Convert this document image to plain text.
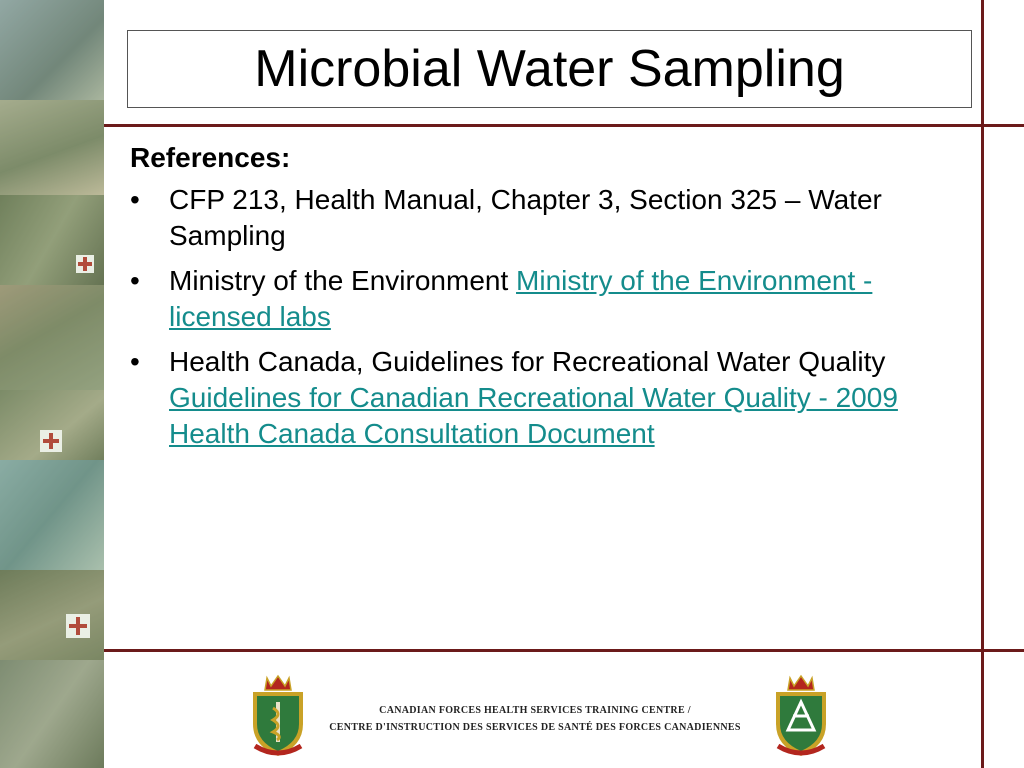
Microbial Water Sampling
References:
• CFP 213, Health Manual, Chapter 3, Section 325 – Water Sampling
• Ministry of the Environment Ministry of the Environment - licensed labs
• Health Canada, Guidelines for Recreational Water Quality Guidelines for Canadian Recreational Water Quality - 2009 Health Canada Consultation Document
CANADIAN FORCES HEALTH SERVICES TRAINING CENTRE /
CENTRE D'INSTRUCTION DES SERVICES DE SANTÉ DES FORCES CANADIENNES
